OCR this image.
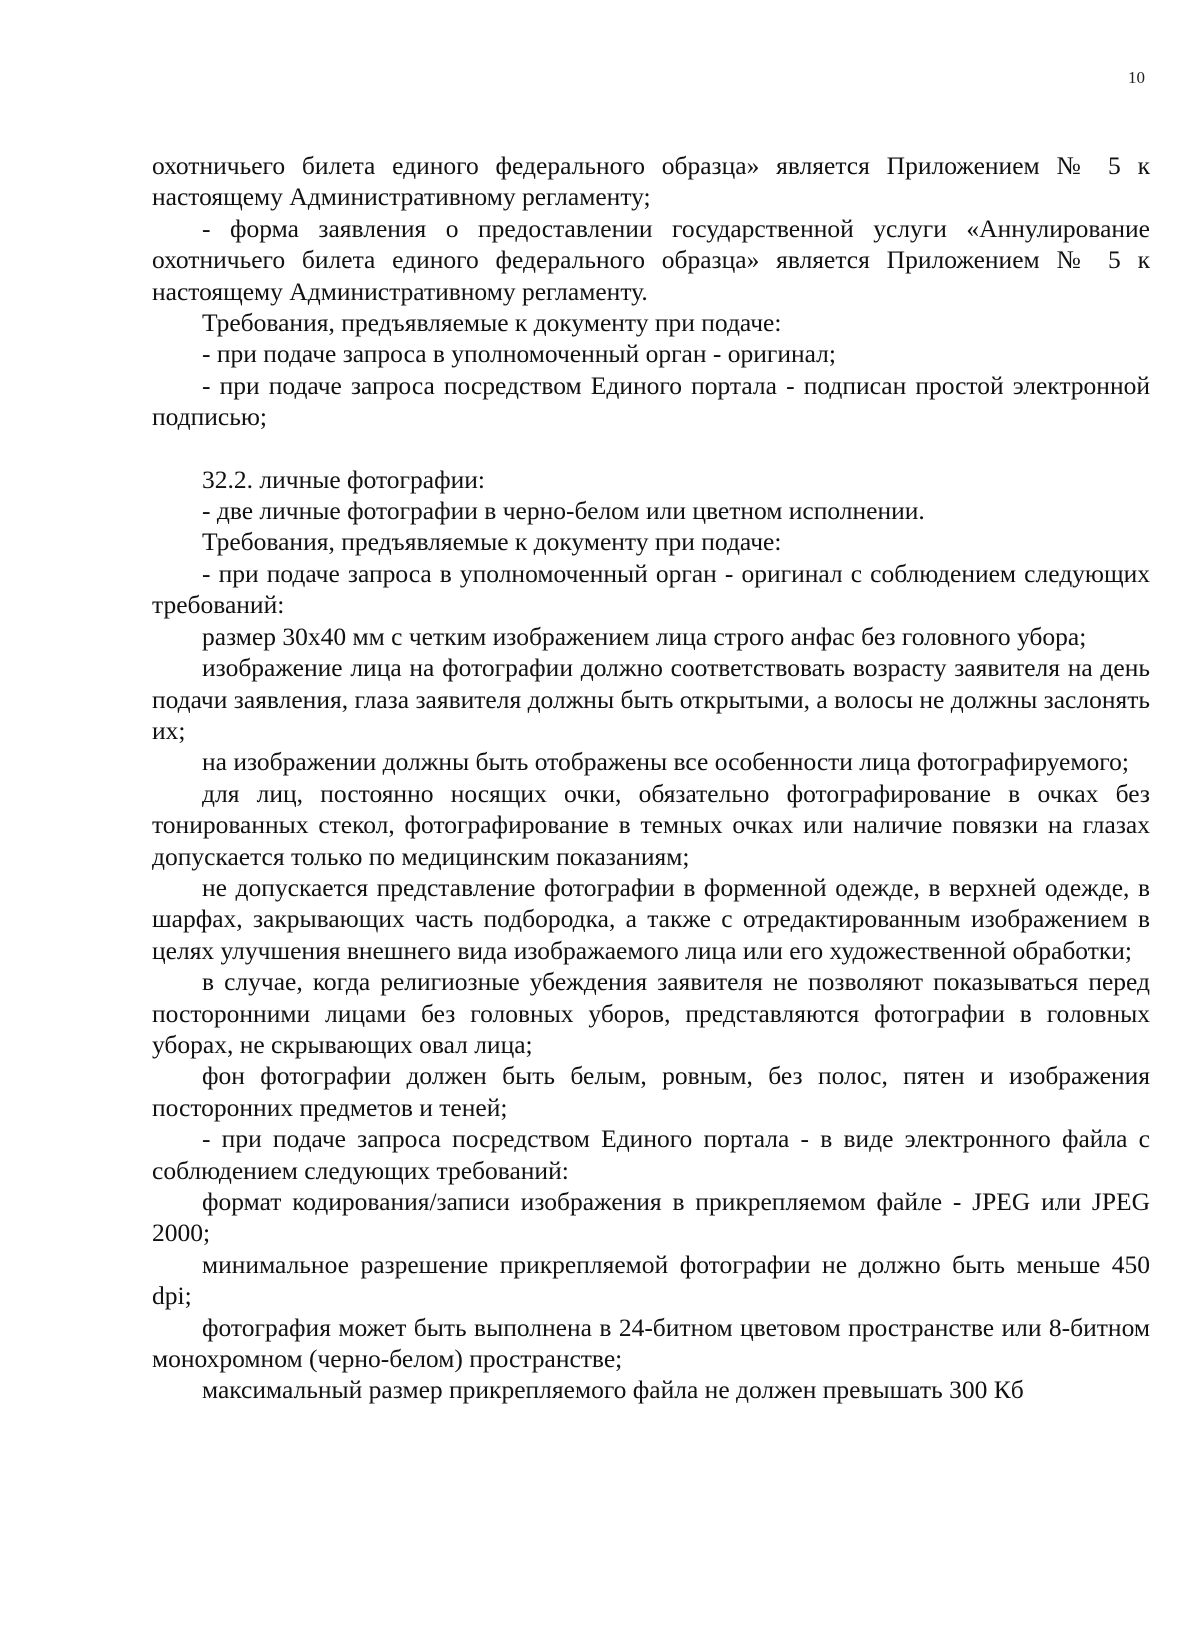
10

охотничьего билета единого федерального образца» является Приложением № 5 к настоящему Административному регламенту;

- форма заявления о предоставлении государственной услуги «Аннулирование охотничьего билета единого федерального образца» является Приложением № 5 к настоящему Административному регламенту.

Требования, предъявляемые к документу при подаче:

- при подаче запроса в уполномоченный орган - оригинал;

- при подаче запроса посредством Единого портала - подписан простой электронной подписью;

32.2. личные фотографии:

- две личные фотографии в черно-белом или цветном исполнении.

Требования, предъявляемые к документу при подаче:

- при подаче запроса в уполномоченный орган - оригинал с соблюдением следующих требований:

размер 30х40 мм с четким изображением лица строго анфас без головного убора;

изображение лица на фотографии должно соответствовать возрасту заявителя на день подачи заявления, глаза заявителя должны быть открытыми, а волосы не должны заслонять их;

на изображении должны быть отображены все особенности лица фотографируемого;

для лиц, постоянно носящих очки, обязательно фотографирование в очках без тонированных стекол, фотографирование в темных очках или наличие повязки на глазах допускается только по медицинским показаниям;

не допускается представление фотографии в форменной одежде, в верхней одежде, в шарфах, закрывающих часть подбородка, а также с отредактированным изображением в целях улучшения внешнего вида изображаемого лица или его художественной обработки;

в случае, когда религиозные убеждения заявителя не позволяют показываться перед посторонними лицами без головных уборов, представляются фотографии в головных уборах, не скрывающих овал лица;

фон фотографии должен быть белым, ровным, без полос, пятен и изображения посторонних предметов и теней;

- при подаче запроса посредством Единого портала - в виде электронного файла с соблюдением следующих требований:

формат кодирования/записи изображения в прикрепляемом файле - JPEG или JPEG 2000;

минимальное разрешение прикрепляемой фотографии не должно быть меньше 450 dpi;

фотография может быть выполнена в 24-битном цветовом пространстве или 8-битном монохромном (черно-белом) пространстве;

максимальный размер прикрепляемого файла не должен превышать 300 Кб
